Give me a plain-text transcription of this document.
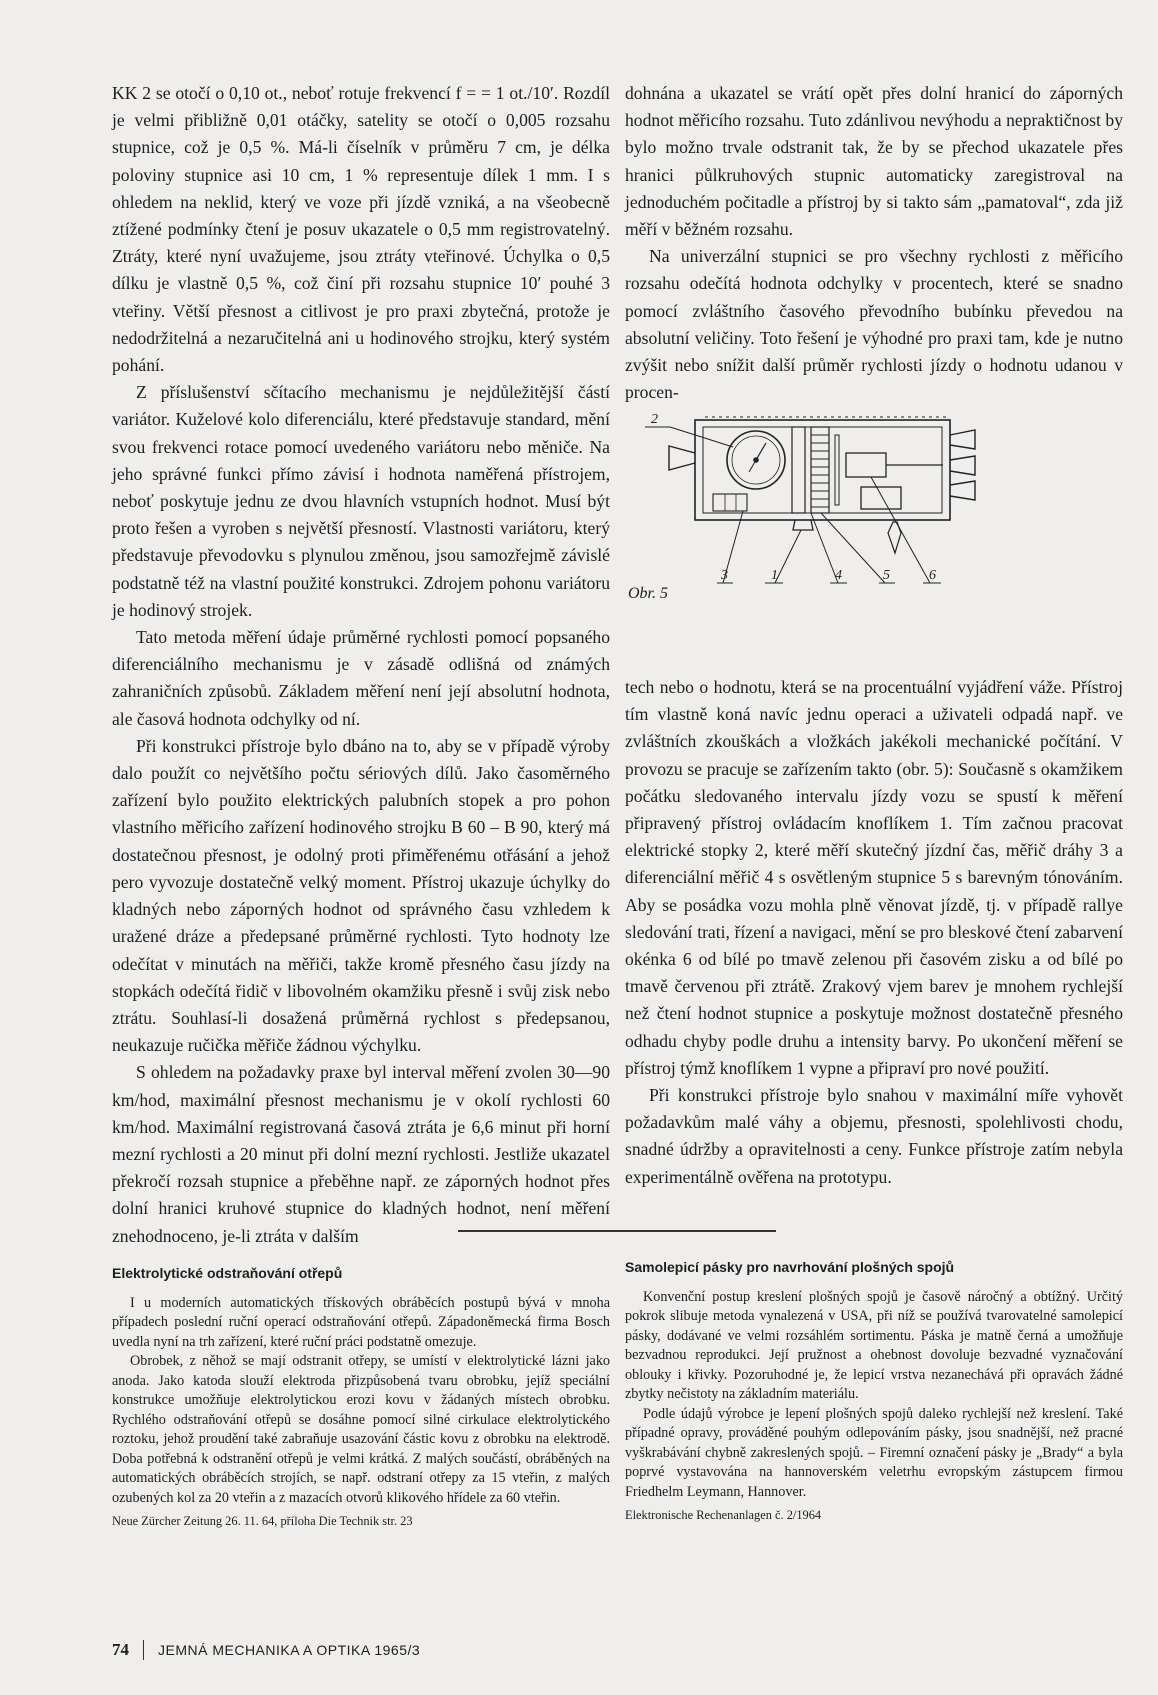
KK 2 se otočí o 0,10 ot., neboť rotuje frekvencí f = = 1 ot./10′. Rozdíl je velmi přibližně 0,01 otáčky, satelity se otočí o 0,005 rozsahu stupnice, což je 0,5 %. Má-li číselník v průměru 7 cm, je délka poloviny stupnice asi 10 cm, 1 % representuje dílek 1 mm. I s ohledem na neklid, který ve voze při jízdě vzniká, a na všeobecně ztížené podmínky čtení je posuv ukazatele o 0,5 mm registrovatelný. Ztráty, které nyní uvažujeme, jsou ztráty vteřinové. Úchylka o 0,5 dílku je vlastně 0,5 %, což činí při rozsahu stupnice 10′ pouhé 3 vteřiny. Větší přesnost a citlivost je pro praxi zbytečná, protože je nedodržitelná a nezaručitelná ani u hodinového strojku, který systém pohání.

Z příslušenství sčítacího mechanismu je nejdůležitější částí variátor. Kuželové kolo diferenciálu, které představuje standard, mění svou frekvenci rotace pomocí uvedeného variátoru nebo měniče. Na jeho správné funkci přímo závisí i hodnota naměřená přístrojem, neboť poskytuje jednu ze dvou hlavních vstupních hodnot. Musí být proto řešen a vyroben s největší přesností. Vlastnosti variátoru, který představuje převodovku s plynulou změnou, jsou samozřejmě závislé podstatně též na vlastní použité konstrukci. Zdrojem pohonu variátoru je hodinový strojek.

Tato metoda měření údaje průměrné rychlosti pomocí popsaného diferenciálního mechanismu je v zásadě odlišná od známých zahraničních způsobů. Základem měření není její absolutní hodnota, ale časová hodnota odchylky od ní.

Při konstrukci přístroje bylo dbáno na to, aby se v případě výroby dalo použít co největšího počtu sériových dílů. Jako časoměrného zařízení bylo použito elektrických palubních stopek a pro pohon vlastního měřicího zařízení hodinového strojku B 60 – B 90, který má dostatečnou přesnost, je odolný proti přiměřenému otřásání a jehož pero vyvozuje dostatečně velký moment. Přístroj ukazuje úchylky do kladných nebo záporných hodnot od správného času vzhledem k uražené dráze a předepsané průměrné rychlosti. Tyto hodnoty lze odečítat v minutách na měřiči, takže kromě přesného času jízdy na stopkách odečítá řidič v libovolném okamžiku přesně i svůj zisk nebo ztrátu. Souhlasí-li dosažená průměrná rychlost s předepsanou, neukazuje ručička měřiče žádnou výchylku.

S ohledem na požadavky praxe byl interval měření zvolen 30—90 km/hod, maximální přesnost mechanismu je v okolí rychlosti 60 km/hod. Maximální registrovaná časová ztráta je 6,6 minut při horní mezní rychlosti a 20 minut při dolní mezní rychlosti. Jestliže ukazatel překročí rozsah stupnice a přeběhne např. ze záporných hodnot přes dolní hranici kruhové stupnice do kladných hodnot, není měření znehodnoceno, je-li ztráta v dalším

dohnána a ukazatel se vrátí opět přes dolní hranicí do záporných hodnot měřicího rozsahu. Tuto zdánlivou nevýhodu a nepraktičnost by bylo možno trvale odstranit tak, že by se přechod ukazatele přes hranici půlkruhových stupnic automaticky zaregistroval na jednoduchém počitadle a přístroj by si takto sám „pamatoval“, zda již měří v běžném rozsahu.

Na univerzální stupnici se pro všechny rychlosti z měřicího rozsahu odečítá hodnota odchylky v procentech, které se snadno pomocí zvláštního časového převodního bubínku převedou na absolutní veličiny. Toto řešení je výhodné pro praxi tam, kde je nutno zvýšit nebo snížit další průměr rychlosti jízdy o hodnotu udanou v procen-

2
3	1	4	5	6
Obr. 5

tech nebo o hodnotu, která se na procentuální vyjádření váže. Přístroj tím vlastně koná navíc jednu operaci a uživateli odpadá např. ve zvláštních zkouškách a vložkách jakékoli mechanické počítání. V provozu se pracuje se zařízením takto (obr. 5): Současně s okamžikem počátku sledovaného intervalu jízdy vozu se spustí k měření připravený přístroj ovládacím knoflíkem 1. Tím začnou pracovat elektrické stopky 2, které měří skutečný jízdní čas, měřič dráhy 3 a diferenciální měřič 4 s osvětleným stupnice 5 s barevným tónováním. Aby se posádka vozu mohla plně věnovat jízdě, tj. v případě rallye sledování trati, řízení a navigaci, mění se pro bleskové čtení zabarvení okénka 6 od bílé po tmavě zelenou při časovém zisku a od bílé po tmavě červenou při ztrátě. Zrakový vjem barev je mnohem rychlejší než čtení hodnot stupnice a poskytuje možnost dostatečně přesného odhadu chyby podle druhu a intensity barvy. Po ukončení měření se přístroj týmž knoflíkem 1 vypne a připraví pro nové použití.

Při konstrukci přístroje bylo snahou v maximální míře vyhovět požadavkům malé váhy a objemu, přesnosti, spolehlivosti chodu, snadné údržby a opravitelnosti a ceny. Funkce přístroje zatím nebyla experimentálně ověřena na prototypu.

Elektrolytické odstraňování otřepů

I u moderních automatických třískových obráběcích postupů bývá v mnoha případech poslední ruční operací odstraňování otřepů. Západoněmecká firma Bosch uvedla nyní na trh zařízení, které ruční práci podstatně omezuje.

Obrobek, z něhož se mají odstranit otřepy, se umístí v elektrolytické lázni jako anoda. Jako katoda slouží elektroda přizpůsobená tvaru obrobku, jejíž speciální konstrukce umožňuje elektrolytickou erozi kovu v žádaných místech obrobku. Rychlého odstraňování otřepů se dosáhne pomocí silné cirkulace elektrolytického roztoku, jehož proudění také zabraňuje usazování částic kovu z obrobku na elektrodě. Doba potřebná k odstranění otřepů je velmi krátká. Z malých součástí, obráběných na automatických obráběcích strojích, se např. odstraní otřepy za 15 vteřin, z malých ozubených kol za 20 vteřin a z mazacích otvorů klikového hřídele za 60 vteřin.

Neue Zürcher Zeitung 26. 11. 64, příloha Die Technik str. 23

Samolepicí pásky pro navrhování plošných spojů

Konvenční postup kreslení plošných spojů je časově náročný a obtížný. Určitý pokrok slibuje metoda vynalezená v USA, při níž se používá tvarovatelné samolepicí pásky, dodávané ve velmi rozsáhlém sortimentu. Páska je matně černá a umožňuje bezvadnou reprodukci. Její pružnost a ohebnost dovoluje bezvadné vyznačování oblouky i křivky. Pozoruhodné je, že lepicí vrstva nezanechává při opravách žádné zbytky nečistoty na základním materiálu.

Podle údajů výrobce je lepení plošných spojů daleko rychlejší než kreslení. Také případné opravy, prováděné pouhým odlepováním pásky, jsou snadnější, než pracné vyškrabávání chybně zakreslených spojů. – Firemní označení pásky je „Brady“ a byla poprvé vystavována na hannoverském veletrhu evropským zástupcem firmou Friedhelm Leymann, Hannover.

Elektronische Rechenanlagen č. 2/1964

74 JEMNÁ MECHANIKA A OPTIKA 1965/3
